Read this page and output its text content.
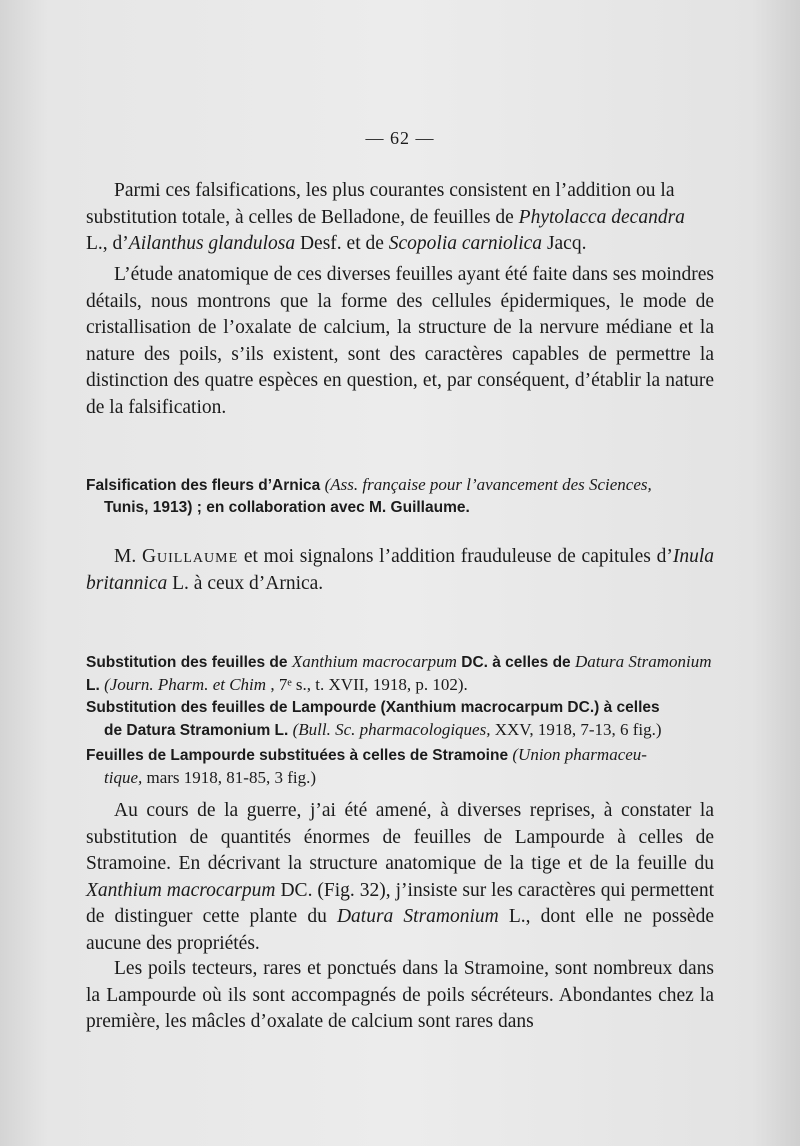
— 62 —

Parmi ces falsifications, les plus courantes consistent en l’addition ou la
substitution totale, à celles de Belladone, de feuilles de Phytolacca decandra
L., d’Ailanthus glandulosa Desf. et de Scopolia carniolica Jacq.

L’étude anatomique de ces diverses feuilles ayant été faite dans ses moindres détails, nous montrons que la forme des cellules épidermiques, le mode de cristallisation de l’oxalate de calcium, la structure de la nervure médiane et la nature des poils, s’ils existent, sont des caractères capables de permettre la distinction des quatre espèces en question, et, par conséquent, d’établir la nature de la falsification.

Falsification des fleurs d’Arnica (Ass. française pour l’avancement des Sciences,
Tunis, 1913) ; en collaboration avec M. Guillaume.

M. Guillaume et moi signalons l’addition frauduleuse de capitules d’Inula britannica L. à ceux d’Arnica.

Substitution des feuilles de Xanthium macrocarpum DC. à celles de Datura Stramonium L. (Journ. Pharm. et Chim , 7ᵉ s., t. XVII, 1918, p. 102).
Substitution des feuilles de Lampourde (Xanthium macrocarpum DC.) à celles
de Datura Stramonium L. (Bull. Sc. pharmacologiques, XXV, 1918, 7-13, 6 fig.)
Feuilles de Lampourde substituées à celles de Stramoine (Union pharmaceu-
tique, mars 1918, 81-85, 3 fig.)

Au cours de la guerre, j’ai été amené, à diverses reprises, à constater la substitution de quantités énormes de feuilles de Lampourde à celles de Stramoine. En décrivant la structure anatomique de la tige et de la feuille du Xanthium macrocarpum DC. (Fig. 32), j’insiste sur les caractères qui permettent de distinguer cette plante du Datura Stramonium L., dont elle ne possède aucune des propriétés.

Les poils tecteurs, rares et ponctués dans la Stramoine, sont nombreux dans la Lampourde où ils sont accompagnés de poils sécréteurs. Abondantes chez la première, les mâcles d’oxalate de calcium sont rares dans
